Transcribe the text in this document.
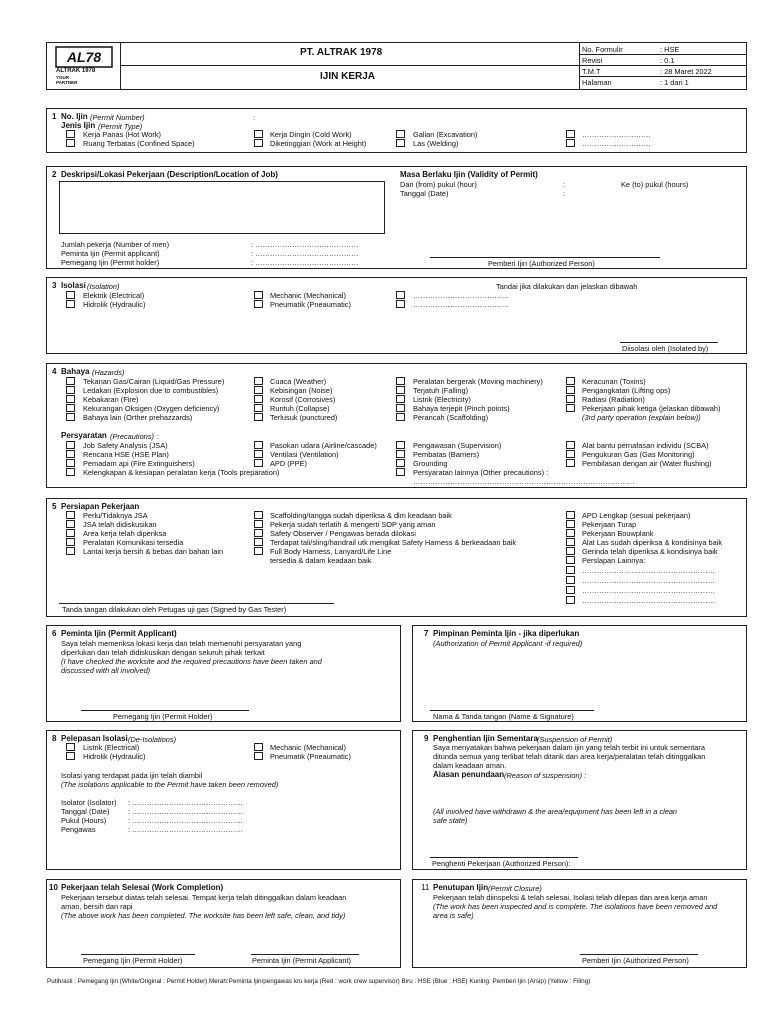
AL78
ALTRAK 1978
YOUR PARTNER
PT. ALTRAK 1978
IJIN KERJA
No. Formulir	: HSE
Revisi	: 0.1
T.M.T	: 28 Maret 2022
Halaman	: 1 dari 1
1 No. Ijin (Permit Number)	:
Jenis Ijin (Permit Type)
Kerja Panas (Hot Work)
Ruang Terbatas (Confined Space)
Kerja Dingin (Cold Work)
Diketinggian (Work at Height)
Galian (Excavation)
Las (Welding)
……………………….
……………………….
2 Deskripsi/Lokasi Pekerjaan (Description/Location of Job)	Masa Berlaku Ijin (Validity of Permit)
Dari (from) pukul (hour)	:	Ke (to) pukul (hours)
Tanggal (Date)	:
Jumlah pekerja (Number of men)	: ……………………………………
Peminta Ijin (Permit applicant)	: ……………………………………
Pemegang Ijin (Permit holder)	: ……………………………………	Pemberi Ijin (Authorized Person)
3 Isolasi (Isolation)	Tandai jika dilakukan dan jelaskan dibawah
Elektrik (Electrical)
Hidrolik (Hydraulic)
Mechanic (Mechanical)
Pneumatik (Pneaumatic)
…………………………………
…………………………………
Diisolasi oleh (Isolated by)
4 Bahaya (Hazards)
Tekanan Gas/Cairan (Liquid/Gas Pressure)
Ledakan (Explosion due to combustibles)
Kebakaran (Fire)
Kekurangan Oksigen (Oxygen deficiency)
Bahaya lain (Orther prehazzards)
Cuaca (Weather)
Kebisingan (Noise)
Korosif (Corrosives)
Runtuh (Collapse)
Terlusuk (punctured)
Peralatan bergerak (Moving machinery)
Terjatuh (Falling)
Listrik (Electricity)
Bahaya terjepit (Pinch points)
Perancah (Scaffolding)
Keracunan (Toxins)
Pengangkatan (Lifting ops)
Radiasi (Radiation)
Pekerjaan pihak ketiga (jelaskan dibawah)
(3rd party operation (explain below))
Persyaratan (Precautions) :
Job Safety Analysis (JSA)
Rencana HSE (HSE Plan)
Pemadam api (Fire Extinguishers)
Kelengkapan & kesiapan peralatan kerja (Tools preparation)
Pasokan udara (Airline/cascade)
Ventilasi (Ventilation)
APD (PPE)
Pengawasan (Supervision)
Pembatas (Barriers)
Grounding
Persyaratan lainnya (Other precautions) :
………………………………………………………………………………
Alat bantu pernafasan individu (SCBA)
Pengukuran Gas (Gas Monitoring)
Pembilasan dengan air (Water flushing)
5 Persiapan Pekerjaan
Perlu/Tidaknya JSA
JSA telah didiskusikan
Area kerja telah diperiksa
Peralatan Komunikasi tersedia
Lantai kerja bersih & bebas dari bahan lain
Scaffolding/tangga sudah diperiksa & dlm keadaan baik
Pekerja sudah terlatih & mengerti SOP yang aman
Safety Observer / Pengawas berada dilokasi
Terdapat tali/sling/handrail utk mengikat Safety Harness & berkeadaan baik
Full Body Harness, Lanyard/Life Line
tersedia & dalam keadaan baik
APD Lengkap (sesuai pekerjaan)
Pekerjaan Turap
Pekerjaan Bouwplank
Alat Las sudah diperiksa & kondisinya baik
Gerinda telah diperiksa & kondisinya baik
Perslapan Lainnya:
………………………………………………
………………………………………………
………………………………………………
………………………………………………
Tanda tangan dilakukan oleh Petugas uji gas (Signed by Gas Tester)
6 Peminta Ijin (Permit Applicant)
Saya telah memeriksa lokasi kerja dan telah memenuhi persyaratan yang
diperlukan dan telah didiskusikan dengan seluruh pihak terkait
(I have checked the worksite and the required precautions have been taken and
discussed with all involved)
Pemegang Ijin (Permit Holder)
7 Pimpinan Peminta Ijin - jika diperlukan
(Authorization of Permit Applicant -if required)
Nama & Tanda tangan (Name & Signature)
8 Pelepasan Isolasi (De-Isolations)
Listrik (Electrical)
Hidrolik (Hydraulic)
Mechanic (Mechanical)
Pneumatik (Pneaumatic)
Isolasi yang terdapat pada ijin telah diambil
(The isolations applicable to the Permit have taken been removed)
Isolator (Isolator) : ………………………………………
Tanggal (Date)	: ………………………………………
Pukul (Hours)	: ………………………………………
Pengawas	: ………………………………………
9 Penghentian Ijin Sementara (Suspension of Permit)
Saya menyatakan bahwa pekerjaan dalam ijin yang telah terbit ini untuk sementara
ditunda semua yang terlibat telah ditarik dan area kerja/peralatan telah ditinggalkan
dalam keadaan aman.
Alasan penundaan (Reason of suspension) :
(All involved have withdrawn & the area/equipment has been left in a clean
safe state)
Penghenti Pekerjaan (Authorized Person):
10 Pekerjaan telah Selesai (Work Completion)
Pekerjaan tersebut diatas telah selesai. Tempat kerja telah ditinggalkan dalam keadaan
aman, bersih dan rapi
(The above work has been completed. The worksite has been left safe, clean, and tidy)
Pemegang Ijin (Permit Holder)	Peminta Ijin (Permit Applicant)
11 Penutupan Ijin (Permit Closure)
Pekerjaan telah diinspeksi & telah selesai, Isolasi telah dilepas dan area kerja aman
(The work has been inspected and is complete. The isolations have been removed and
area is safe)
Pemberi Ijin (Authorized Person)
Putih/asli : Pemegang Ijin (White/Original : Permit Holder) Merah:Peminta Ijin/pengawas kru kerja (Red : work crew supervisor) Biru : HSE (Blue : HSE) Kuning: Pemberi Ijin (Arsip) (Yellow : Filing)
